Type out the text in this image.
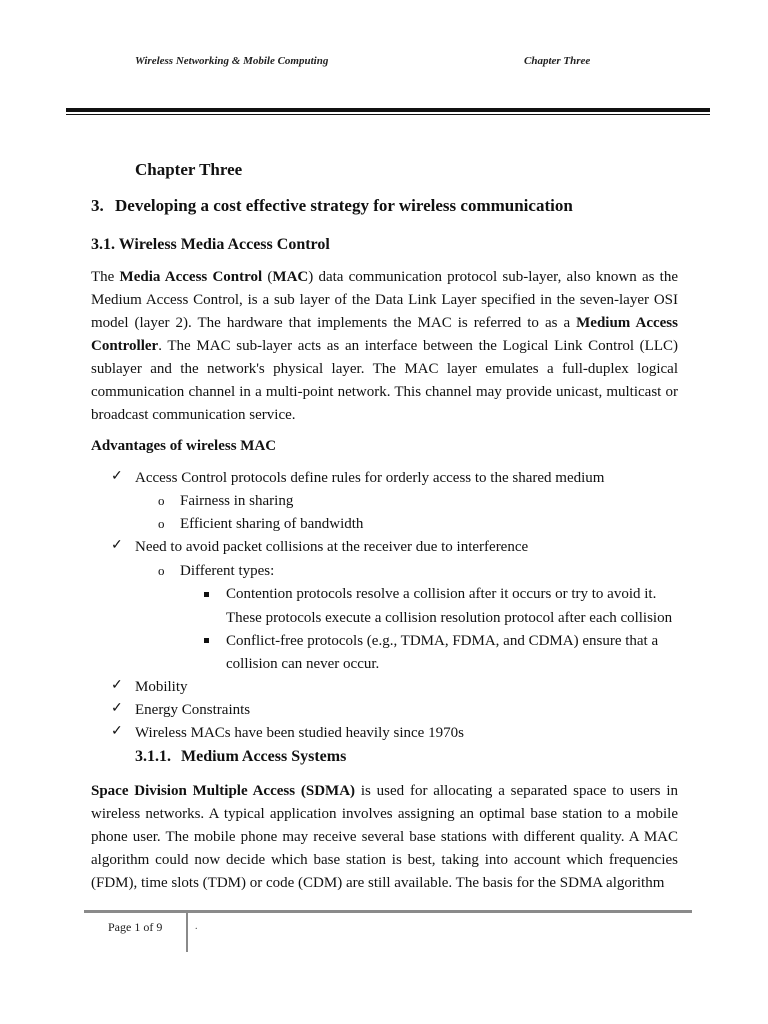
Wireless Networking & Mobile Computing	Chapter Three
Chapter Three
3. Developing a cost effective strategy for wireless communication
3.1. Wireless Media Access Control
The Media Access Control (MAC) data communication protocol sub-layer, also known as the Medium Access Control, is a sub layer of the Data Link Layer specified in the seven-layer OSI model (layer 2). The hardware that implements the MAC is referred to as a Medium Access Controller. The MAC sub-layer acts as an interface between the Logical Link Control (LLC) sublayer and the network's physical layer. The MAC layer emulates a full-duplex logical communication channel in a multi-point network. This channel may provide unicast, multicast or broadcast communication service.
Advantages of wireless MAC
✓ Access Control protocols define rules for orderly access to the shared medium
o Fairness in sharing
o Efficient sharing of bandwidth
✓ Need to avoid packet collisions at the receiver due to interference
o Different types:
Contention protocols resolve a collision after it occurs or try to avoid it.
These protocols execute a collision resolution protocol after each collision
Conflict-free protocols (e.g., TDMA, FDMA, and CDMA) ensure that a
collision can never occur.
✓ Mobility
✓ Energy Constraints
✓ Wireless MACs have been studied heavily since 1970s
3.1.1. Medium Access Systems
Space Division Multiple Access (SDMA) is used for allocating a separated space to users in wireless networks. A typical application involves assigning an optimal base station to a mobile phone user. The mobile phone may receive several base stations with different quality. A MAC algorithm could now decide which base station is best, taking into account which frequencies (FDM), time slots (TDM) or code (CDM) are still available. The basis for the SDMA algorithm
Page 1 of 9	.
